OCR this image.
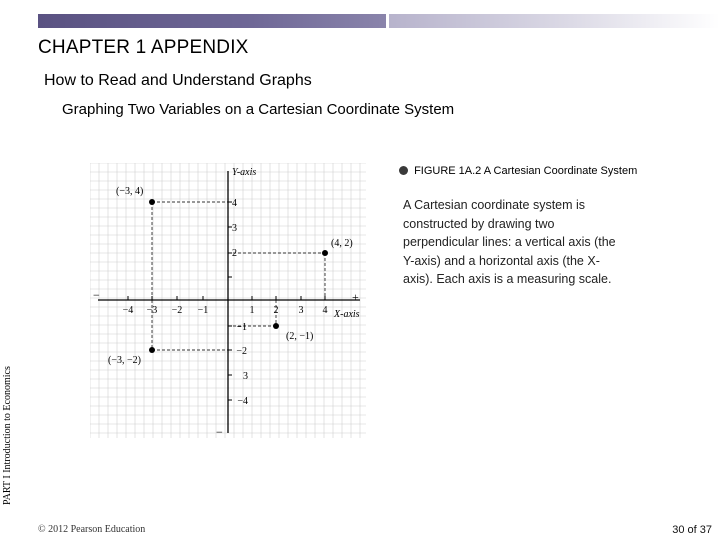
CHAPTER 1 APPENDIX
How to Read and Understand Graphs
Graphing Two Variables on a Cartesian Coordinate System
PART I Introduction to Economics
Y-axis
X-axis
+
−
−
−4 −3 −2 −1	1 2 3 4
4
3
2
−1
−2
3
−4
(−3, 4)
(4, 2)
(2, −1)
(−3, −2)
FIGURE 1A.2 A Cartesian Coordinate System
A Cartesian coordinate system is constructed by drawing two perpendicular lines: a vertical axis (the Y-axis) and a horizontal axis (the X-axis). Each axis is a measuring scale.
© 2012 Pearson Education	30 of 37
